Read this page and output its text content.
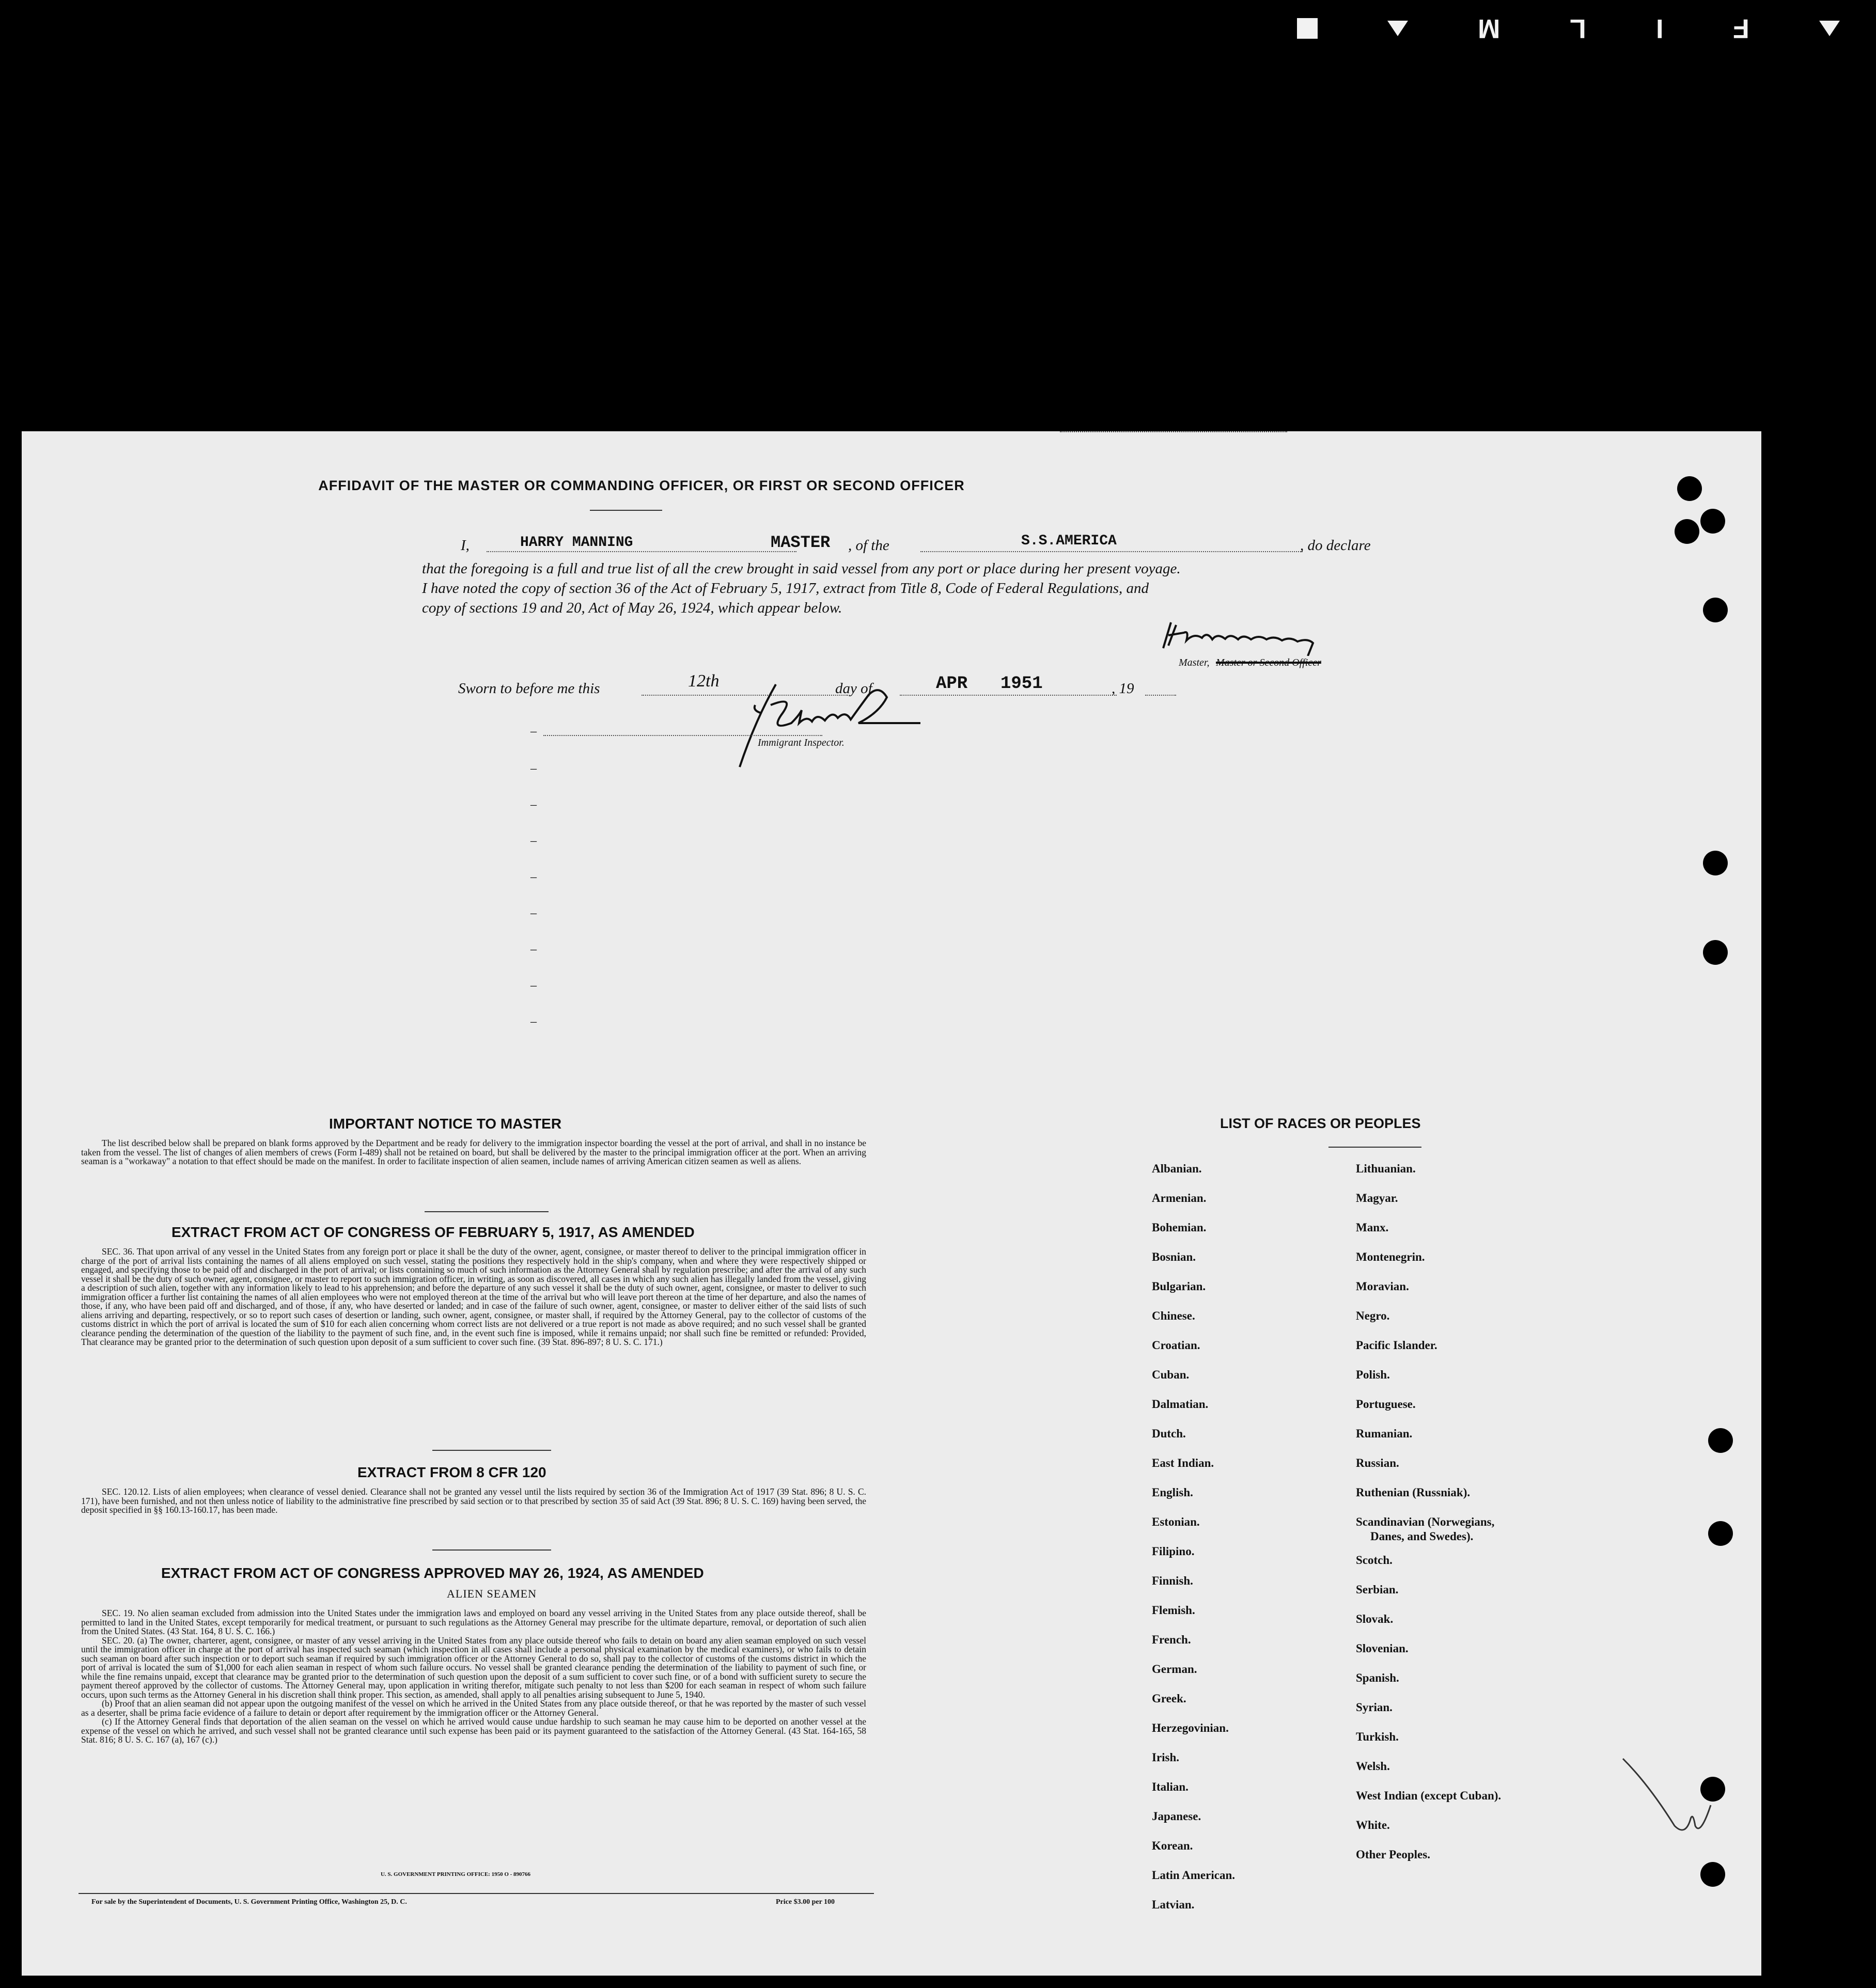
M	L	I	F
AFFIDAVIT OF THE MASTER OR COMMANDING OFFICER, OR FIRST OR SECOND OFFICER
I,	HARRY MANNING	MASTER , of the	S.S.AMERICA	, do declare
that the foregoing is a full and true list of all the crew brought in said vessel from any port or place during her present voyage.
I have noted the copy of section 36 of the Act of February 5, 1917, extract from Title 8, Code of Federal Regulations, and
copy of sections 19 and 20, Act of May 26, 1924, which appear below.
Master, Master or Second Officer
Sworn to before me this	12th	day of	APR 1951	, 19
Immigrant Inspector.
–
–
–
–
–
–
–
–
–
IMPORTANT NOTICE TO MASTER

The list described below shall be prepared on blank forms approved by the Department and be ready for delivery to the immigration inspector boarding the vessel at the port of arrival, and shall in no instance be taken from the vessel. The list of changes of alien members of crews (Form I-489) shall not be retained on board, but shall be delivered by the master to the principal immigration officer at the port. When an arriving seaman is a "workaway" a notation to that effect should be made on the manifest. In order to facilitate inspection of alien seamen, include names of arriving American citizen seamen as well as aliens.

EXTRACT FROM ACT OF CONGRESS OF FEBRUARY 5, 1917, AS AMENDED

SEC. 36. That upon arrival of any vessel in the United States from any foreign port or place it shall be the duty of the owner, agent, consignee, or master thereof to deliver to the principal immigration officer in charge of the port of arrival lists containing the names of all aliens employed on such vessel, stating the positions they respectively hold in the ship's company, when and where they were respectively shipped or engaged, and specifying those to be paid off and discharged in the port of arrival; or lists containing so much of such information as the Attorney General shall by regulation prescribe; and after the arrival of any such vessel it shall be the duty of such owner, agent, consignee, or master to report to such immigration officer, in writing, as soon as discovered, all cases in which any such alien has illegally landed from the vessel, giving a description of such alien, together with any information likely to lead to his apprehension; and before the departure of any such vessel it shall be the duty of such owner, agent, consignee, or master to deliver to such immigration officer a further list containing the names of all alien employees who were not employed thereon at the time of the arrival but who will leave port thereon at the time of her departure, and also the names of those, if any, who have been paid off and discharged, and of those, if any, who have deserted or landed; and in case of the failure of such owner, agent, consignee, or master to deliver either of the said lists of such aliens arriving and departing, respectively, or so to report such cases of desertion or landing, such owner, agent, consignee, or master shall, if required by the Attorney General, pay to the collector of customs of the customs district in which the port of arrival is located the sum of $10 for each alien concerning whom correct lists are not delivered or a true report is not made as above required; and no such vessel shall be granted clearance pending the determination of the question of the liability to the payment of such fine, and, in the event such fine is imposed, while it remains unpaid; nor shall such fine be remitted or refunded: Provided, That clearance may be granted prior to the determination of such question upon deposit of a sum sufficient to cover such fine. (39 Stat. 896-897; 8 U. S. C. 171.)

EXTRACT FROM 8 CFR 120

SEC. 120.12. Lists of alien employees; when clearance of vessel denied. Clearance shall not be granted any vessel until the lists required by section 36 of the Immigration Act of 1917 (39 Stat. 896; 8 U. S. C. 171), have been furnished, and not then unless notice of liability to the administrative fine prescribed by said section or to that prescribed by section 35 of said Act (39 Stat. 896; 8 U. S. C. 169) having been served, the deposit specified in §§ 160.13-160.17, has been made.

EXTRACT FROM ACT OF CONGRESS APPROVED MAY 26, 1924, AS AMENDED
ALIEN SEAMEN

SEC. 19. No alien seaman excluded from admission into the United States under the immigration laws and employed on board any vessel arriving in the United States from any place outside thereof, shall be permitted to land in the United States, except temporarily for medical treatment, or pursuant to such regulations as the Attorney General may prescribe for the ultimate departure, removal, or deportation of such alien from the United States. (43 Stat. 164, 8 U. S. C. 166.)

SEC. 20. (a) The owner, charterer, agent, consignee, or master of any vessel arriving in the United States from any place outside thereof who fails to detain on board any alien seaman employed on such vessel until the immigration officer in charge at the port of arrival has inspected such seaman (which inspection in all cases shall include a personal physical examination by the medical examiners), or who fails to detain such seaman on board after such inspection or to deport such seaman if required by such immigration officer or the Attorney General to do so, shall pay to the collector of customs of the customs district in which the port of arrival is located the sum of $1,000 for each alien seaman in respect of whom such failure occurs. No vessel shall be granted clearance pending the determination of the liability to payment of such fine, or while the fine remains unpaid, except that clearance may be granted prior to the determination of such question upon the deposit of a sum sufficient to cover such fine, or of a bond with sufficient surety to secure the payment thereof approved by the collector of customs. The Attorney General may, upon application in writing therefor, mitigate such penalty to not less than $200 for each seaman in respect of whom such failure occurs, upon such terms as the Attorney General in his discretion shall think proper. This section, as amended, shall apply to all penalties arising subsequent to June 5, 1940.

(b) Proof that an alien seaman did not appear upon the outgoing manifest of the vessel on which he arrived in the United States from any place outside thereof, or that he was reported by the master of such vessel as a deserter, shall be prima facie evidence of a failure to detain or deport after requirement by the immigration officer or the Attorney General.

(c) If the Attorney General finds that deportation of the alien seaman on the vessel on which he arrived would cause undue hardship to such seaman he may cause him to be deported on another vessel at the expense of the vessel on which he arrived, and such vessel shall not be granted clearance until such expense has been paid or its payment guaranteed to the satisfaction of the Attorney General. (43 Stat. 164-165, 58 Stat. 816; 8 U. S. C. 167 (a), 167 (c).)

U. S. GOVERNMENT PRINTING OFFICE: 1950 O - 890766
For sale by the Superintendent of Documents, U. S. Government Printing Office, Washington 25, D. C.	Price $3.00 per 100
LIST OF RACES OR PEOPLES
Albanian.
Armenian.
Bohemian.
Bosnian.
Bulgarian.
Chinese.
Croatian.
Cuban.
Dalmatian.
Dutch.
East Indian.
English.
Estonian.
Filipino.
Finnish.
Flemish.
French.
German.
Greek.
Herzegovinian.
Irish.
Italian.
Japanese.
Korean.
Latin American.
Latvian.
Lithuanian.
Magyar.
Manx.
Montenegrin.
Moravian.
Negro.
Pacific Islander.
Polish.
Portuguese.
Rumanian.
Russian.
Ruthenian (Russniak).
Scandinavian (Norwegians,
Danes, and Swedes).
Scotch.
Serbian.
Slovak.
Slovenian.
Spanish.
Syrian.
Turkish.
Welsh.
West Indian (except Cuban).
White.
Other Peoples.
